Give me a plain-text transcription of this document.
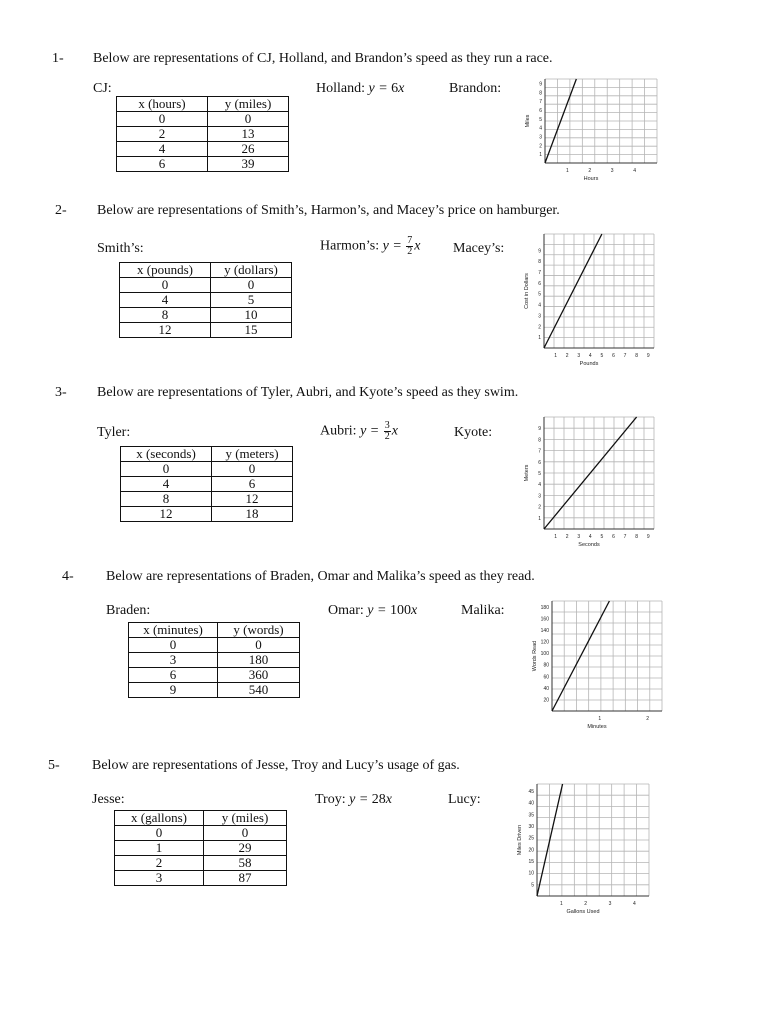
1- Below are representations of CJ, Holland, and Brandon’s speed as they run a race.
CJ:
x (hours)	y (miles)
0	0
2	13
4	26
6	39
Holland: y = 6x	Brandon:
1	2	3	4
1
2
3
4
5
6
7
8
9
Hours
Miles
2- Below are representations of Smith’s, Harmon’s, and Macey’s price on hamburger.
Smith’s:
x (pounds)	y (dollars)
0	0
4	5
8	10
12	15
Harmon’s: $y = \frac{7}{2}$ x Macey’s:
1 2 3 4 5 6 7 8 9
1
2
3
4
5
6
7
8
9
Pounds
Cost in Dollars
3- Below are representations of Tyler, Aubri, and Kyote’s speed as they swim.
Tyler:
x (seconds)	y (meters)
0	0
4	6
8	12
12	18
Aubri: $y = \frac{3}{2}$ x	Kyote:
1 2 3 4 5 6 7 8 9
1
2
3
4
5
6
7
8
9
Seconds
Meters
4- Below are representations of Braden, Omar and Malika’s speed as they read.
Braden:
x (minutes)	y (words)
0	0
3	180
6	360
9	540
Omar: y = 100x	Malika:
1	2
20
40
60
80
100
120
140
160
180
Minutes
Words Read
5- Below are representations of Jesse, Troy and Lucy’s usage of gas.
Jesse:
x (gallons)	y (miles)
0	0
1	29
2	58
3	87
Troy: y = 28x	Lucy:
1	2	3	4
5
10
15
20
25
30
35
40
45
Gallons Used
Miles Driven
